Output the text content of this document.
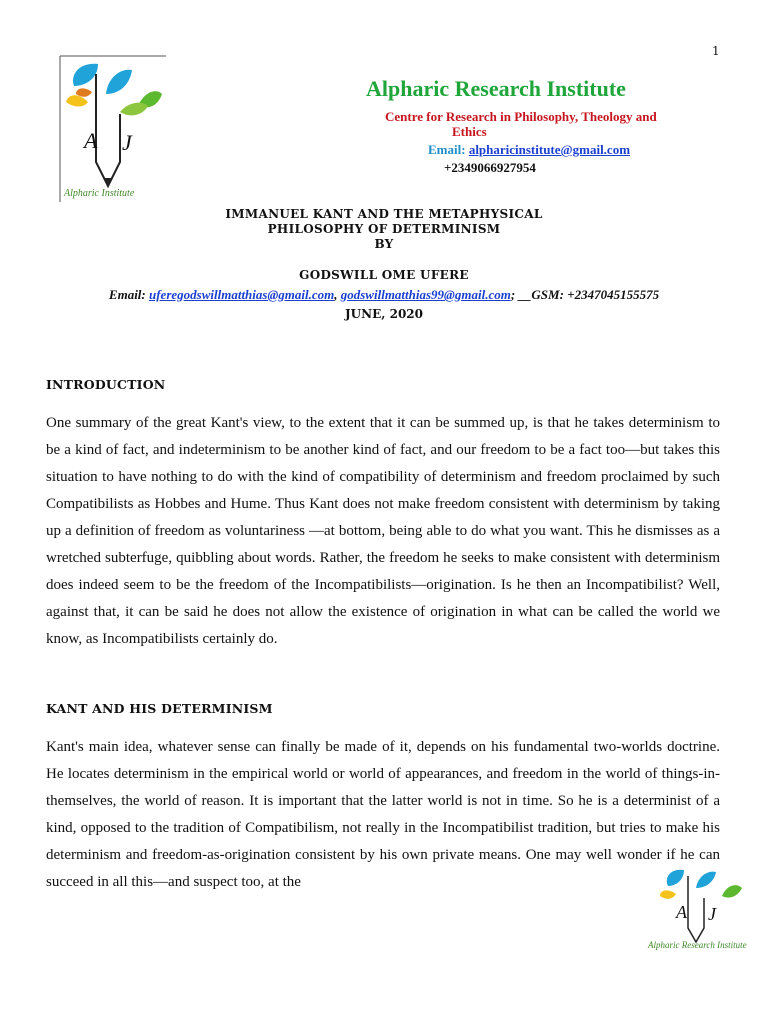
1
A J
Alpharic Institute
Alpharic Research Institute
Centre for Research in Philosophy, Theology and
Ethics
Email: alpharicinstitute@gmail.com
+2349066927954
IMMANUEL KANT AND THE METAPHYSICAL
PHILOSOPHY OF DETERMINISM
BY
GODSWILL OME UFERE
Email: uferegodswillmatthias@gmail.com, godswillmatthias99@gmail.com; __GSM: +2347045155575
JUNE, 2020
INTRODUCTION
One summary of the great Kant's view, to the extent that it can be summed up, is that he takes determinism to be a kind of fact, and indeterminism to be another kind of fact, and our freedom to be a fact too—but takes this situation to have nothing to do with the kind of compatibility of determinism and freedom proclaimed by such Compatibilists as Hobbes and Hume. Thus Kant does not make freedom consistent with determinism by taking up a definition of freedom as voluntariness —at bottom, being able to do what you want. This he dismisses as a wretched subterfuge, quibbling about words. Rather, the freedom he seeks to make consistent with determinism does indeed seem to be the freedom of the Incompatibilists—origination. Is he then an Incompatibilist? Well, against that, it can be said he does not allow the existence of origination in what can be called the world we know, as Incompatibilists certainly do.
KANT AND HIS DETERMINISM
Kant's main idea, whatever sense can finally be made of it, depends on his fundamental two-worlds doctrine. He locates determinism in the empirical world or world of appearances, and freedom in the world of things-in-themselves, the world of reason. It is important that the latter world is not in time. So he is a determinist of a kind, opposed to the tradition of Compatibilism, not really in the Incompatibilist tradition, but tries to make his determinism and freedom-as-origination consistent by his own private means. One may well wonder if he can succeed in all this—and suspect too, at the
A J
Alpharic Research Institute
